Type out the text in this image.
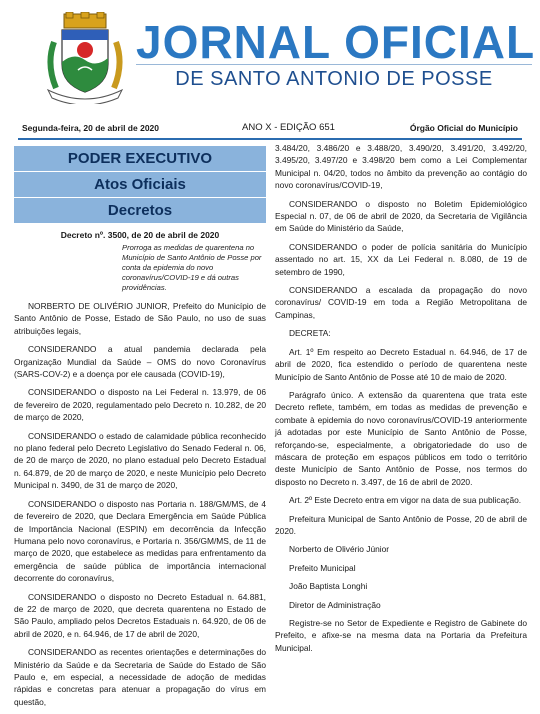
JORNAL OFICIAL
DE SANTO ANTONIO DE POSSE
Segunda-feira, 20 de abril de 2020	ANO X - EDIÇÃO 651	Órgão Oficial do Município
PODER EXECUTIVO
Atos Oficiais
Decretos
Decreto nº. 3500, de 20 de abril de 2020
Prorroga as medidas de quarentena no Município de Santo Antônio de Posse por conta da epidemia do novo coronavírus/COVID-19 e dá outras providências.

NORBERTO DE OLIVÉRIO JUNIOR, Prefeito do Município de Santo Antônio de Posse, Estado de São Paulo, no uso de suas atribuições legais,

CONSIDERANDO a atual pandemia declarada pela Organização Mundial da Saúde – OMS do novo Coronavírus (SARS-COV-2) e a doença por ele causada (COVID-19),

CONSIDERANDO o disposto na Lei Federal n. 13.979, de 06 de fevereiro de 2020, regulamentado pelo Decreto n. 10.282, de 20 de março de 2020,

CONSIDERANDO o estado de calamidade pública reconhecido no plano federal pelo Decreto Legislativo do Senado Federal n. 06, de 20 de março de 2020, no plano estadual pelo Decreto Estadual n. 64.879, de 20 de março de 2020, e neste Município pelo Decreto Municipal n. 3490, de 31 de março de 2020,

CONSIDERANDO o disposto nas Portaria n. 188/GM/MS, de 4 de fevereiro de 2020, que Declara Emergência em Saúde Pública de Importância Nacional (ESPIN) em decorrência da Infecção Humana pelo novo coronavírus, e Portaria n. 356/GM/MS, de 11 de março de 2020, que estabelece as medidas para enfrentamento da emergência de saúde pública de importância internacional decorrente do coronavírus,

CONSIDERANDO o disposto no Decreto Estadual n. 64.881, de 22 de março de 2020, que decreta quarentena no Estado de São Paulo, ampliado pelos Decretos Estaduais n. 64.920, de 06 de abril de 2020, e n. 64.946, de 17 de abril de 2020,

CONSIDERANDO as recentes orientações e determinações do Ministério da Saúde e da Secretaria de Saúde do Estado de São Paulo e, em especial, a necessidade de adoção de medidas rápidas e concretas para atenuar a propagação do vírus em questão,

3.484/20, 3.486/20 e 3.488/20, 3.490/20, 3.491/20, 3.492/20, 3.495/20, 3.497/20 e 3.498/20 bem como a Lei Complementar Municipal n. 04/20, todos no âmbito da prevenção ao contágio do novo coronavírus/COVID-19,

CONSIDERANDO o disposto no Boletim Epidemiológico Especial n. 07, de 06 de abril de 2020, da Secretaria de Vigilância em Saúde do Ministério da Saúde,

CONSIDERANDO o poder de polícia sanitária do Município assentado no art. 15, XX da Lei Federal n. 8.080, de 19 de setembro de 1990,

CONSIDERANDO a escalada da propagação do novo coronavírus/ COVID-19 em toda a Região Metropolitana de Campinas,

DECRETA:

Art. 1º Em respeito ao Decreto Estadual n. 64.946, de 17 de abril de 2020, fica estendido o período de quarentena neste Município de Santo Antônio de Posse até 10 de maio de 2020.

Parágrafo único. A extensão da quarentena que trata este Decreto reflete, também, em todas as medidas de prevenção e combate à epidemia do novo coronavírus/COVID-19 anteriormente já adotadas por este Município de Santo Antônio de Posse, reforçando-se, especialmente, a obrigatoriedade do uso de máscara de proteção em espaços públicos em todo o território deste Município de Santo Antônio de Posse, nos termos do disposto no Decreto n. 3.497, de 16 de abril de 2020.

Art. 2º Este Decreto entra em vigor na data de sua publicação.

Prefeitura Municipal de Santo Antônio de Posse, 20 de abril de 2020.

Norberto de Olivério Júnior

Prefeito Municipal

João Baptista Longhi

Diretor de Administração

Registre-se no Setor de Expediente e Registro de Gabinete do Prefeito, e afixe-se na mesma data na Portaria da Prefeitura Municipal.
